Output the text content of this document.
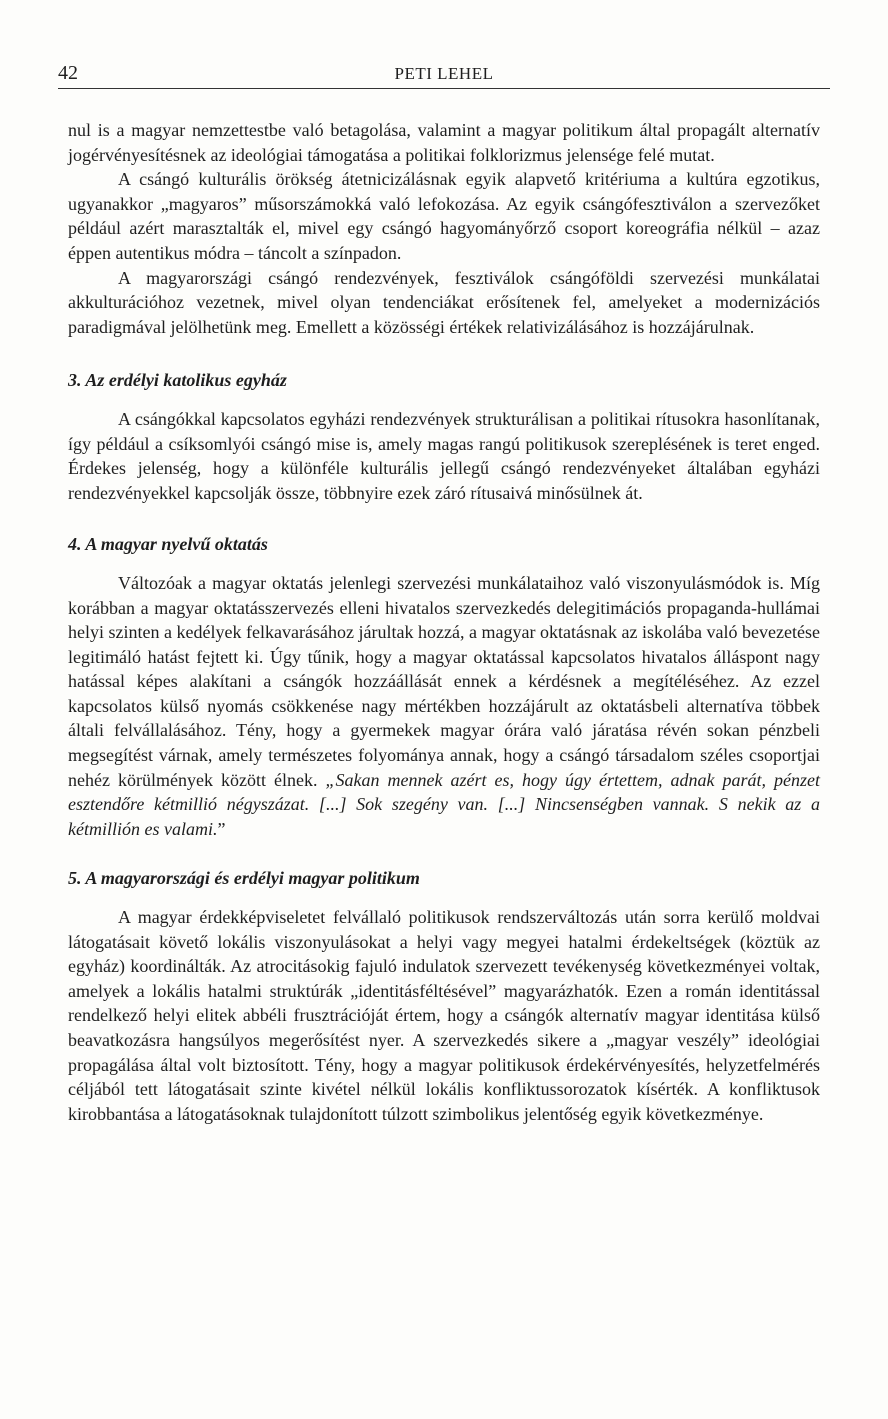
42	PETI LEHEL

nul is a magyar nemzettestbe való betagolása, valamint a magyar politikum által propagált alternatív jogérvényesítésnek az ideológiai támogatása a politikai folklorizmus jelensége felé mutat.

A csángó kulturális örökség átetnicizálásnak egyik alapvető kritériuma a kultúra egzotikus, ugyanakkor „magyaros” műsorszámokká való lefokozása. Az egyik csángófesztiválon a szervezőket például azért marasztalták el, mivel egy csángó hagyományőrző csoport koreográfia nélkül – azaz éppen autentikus módra – táncolt a színpadon.

A magyarországi csángó rendezvények, fesztiválok csángóföldi szervezési munkálatai akkulturációhoz vezetnek, mivel olyan tendenciákat erősítenek fel, amelyeket a modernizációs paradigmával jelölhetünk meg. Emellett a közösségi értékek relativizálásához is hozzájárulnak.

3. Az erdélyi katolikus egyház

A csángókkal kapcsolatos egyházi rendezvények strukturálisan a politikai rítusokra hasonlítanak, így például a csíksomlyói csángó mise is, amely magas rangú politikusok szereplésének is teret enged. Érdekes jelenség, hogy a különféle kulturális jellegű csángó rendezvényeket általában egyházi rendezvényekkel kapcsolják össze, többnyire ezek záró rítusaivá minősülnek át.

4. A magyar nyelvű oktatás

Változóak a magyar oktatás jelenlegi szervezési munkálataihoz való viszonyulásmódok is. Míg korábban a magyar oktatásszervezés elleni hivatalos szervezkedés delegitimációs propaganda-hullámai helyi szinten a kedélyek felkavarásához járultak hozzá, a magyar oktatásnak az iskolába való bevezetése legitimáló hatást fejtett ki. Úgy tűnik, hogy a magyar oktatással kapcsolatos hivatalos álláspont nagy hatással képes alakítani a csángók hozzáállását ennek a kérdésnek a megítéléséhez. Az ezzel kapcsolatos külső nyomás csökkenése nagy mértékben hozzájárult az oktatásbeli alternatíva többek általi felvállalásához. Tény, hogy a gyermekek magyar órára való járatása révén sokan pénzbeli megsegítést várnak, amely természetes folyománya annak, hogy a csángó társadalom széles csoportjai nehéz körülmények között élnek. „Sakan mennek azért es, hogy úgy értettem, adnak parát, pénzet esztendőre kétmillió négyszázat. [...] Sok szegény van. [...] Nincsenségben vannak. S nekik az a kétmillión es valami.”

5. A magyarországi és erdélyi magyar politikum

A magyar érdekképviseletet felvállaló politikusok rendszerváltozás után sorra kerülő moldvai látogatásait követő lokális viszonyulásokat a helyi vagy megyei hatalmi érdekeltségek (köztük az egyház) koordinálták. Az atrocitásokig fajuló indulatok szervezett tevékenység következményei voltak, amelyek a lokális hatalmi struktúrák „identitásféltésével” magyarázhatók. Ezen a román identitással rendelkező helyi elitek abbéli frusztrációját értem, hogy a csángók alternatív magyar identitása külső beavatkozásra hangsúlyos megerősítést nyer. A szervezkedés sikere a „magyar veszély” ideológiai propagálása által volt biztosított. Tény, hogy a magyar politikusok érdekérvényesítés, helyzetfelmérés céljából tett látogatásait szinte kivétel nélkül lokális konfliktussorozatok kísérték. A konfliktusok kirobbantása a látogatásoknak tulajdonított túlzott szimbolikus jelentőség egyik következménye.
